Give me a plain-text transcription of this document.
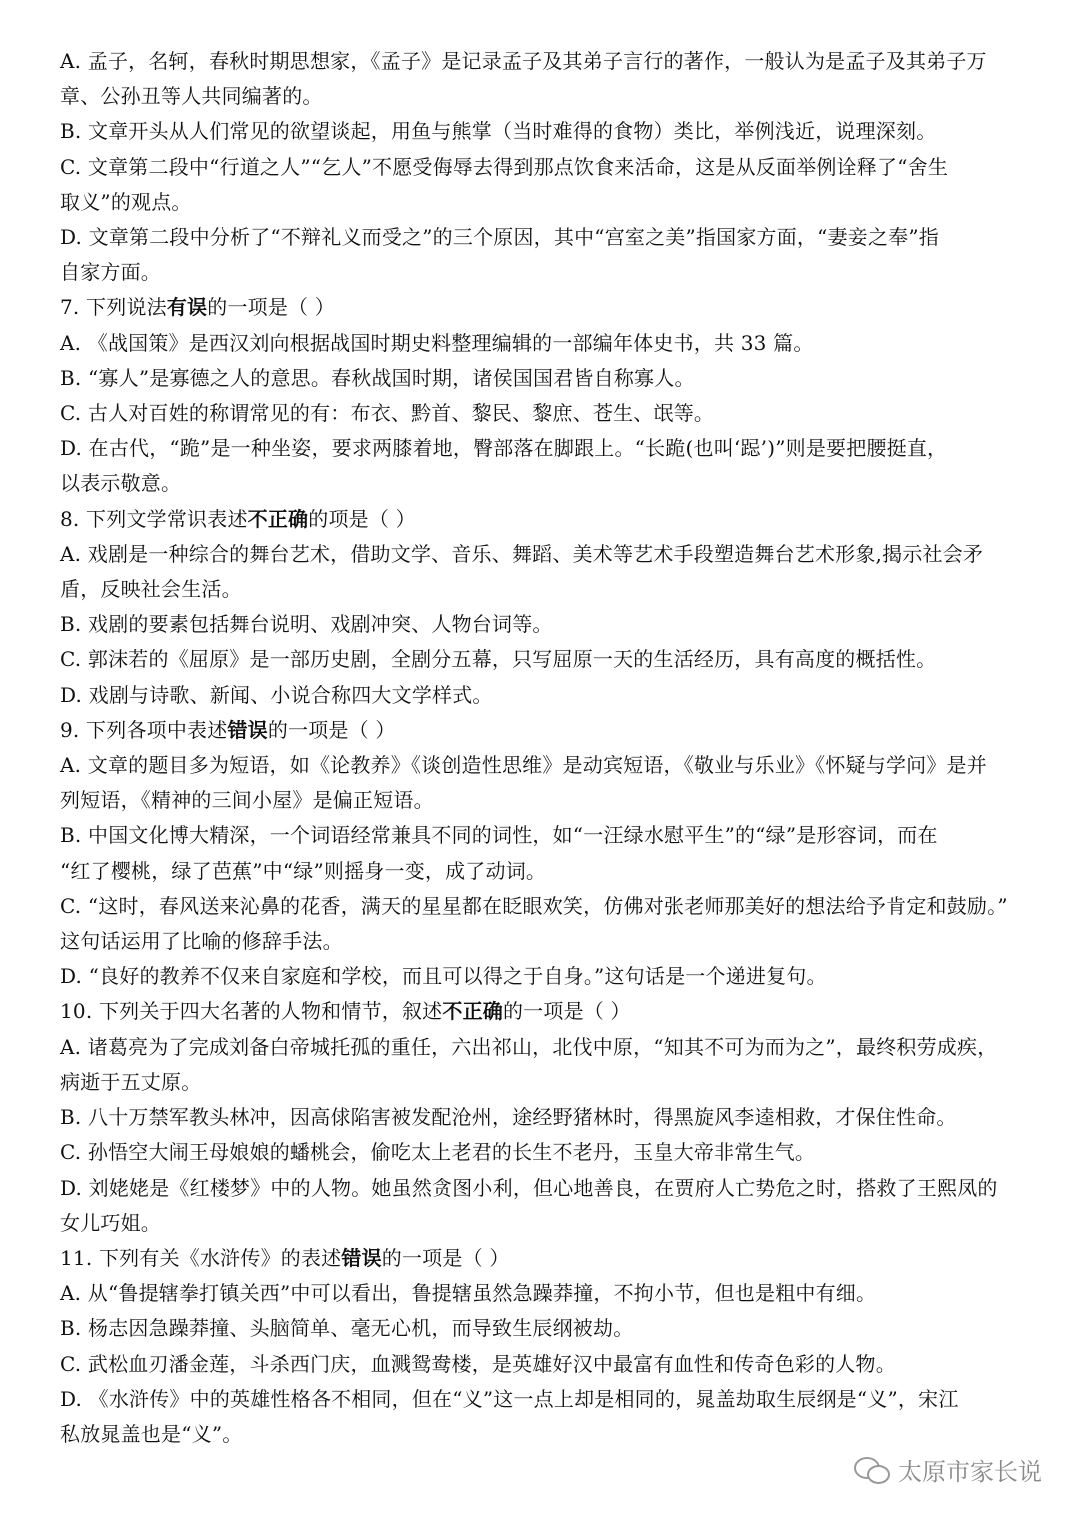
A. 孟子，名轲，春秋时期思想家，《孟子》是记录孟子及其弟子言行的著作，一般认为是孟子及其弟子万
章、公孙丑等人共同编著的。
B. 文章开头从人们常见的欲望谈起，用鱼与熊掌（当时难得的食物）类比，举例浅近，说理深刻。
C. 文章第二段中“行道之人”“乞人”不愿受侮辱去得到那点饮食来活命，这是从反面举例诠释了“舍生
取义”的观点。
D. 文章第二段中分析了“不辩礼义而受之”的三个原因，其中“宫室之美”指国家方面，“妻妾之奉”指
自家方面。
7. 下列说法有误的一项是（ ）
A. 《战国策》是西汉刘向根据战国时期史料整理编辑的一部编年体史书，共 33 篇。
B. “寡人”是寡德之人的意思。春秋战国时期，诸侯国国君皆自称寡人。
C. 古人对百姓的称谓常见的有：布衣、黔首、黎民、黎庶、苍生、氓等。
D. 在古代，“跪”是一种坐姿，要求两膝着地，臀部落在脚跟上。“长跪(也叫‘跽’)”则是要把腰挺直，
以表示敬意。
8. 下列文学常识表述不正确的项是（ ）
A. 戏剧是一种综合的舞台艺术，借助文学、音乐、舞蹈、美术等艺术手段塑造舞台艺术形象,揭示社会矛
盾，反映社会生活。
B. 戏剧的要素包括舞台说明、戏剧冲突、人物台词等。
C. 郭沫若的《屈原》是一部历史剧，全剧分五幕，只写屈原一天的生活经历，具有高度的概括性。
D. 戏剧与诗歌、新闻、小说合称四大文学样式。
9. 下列各项中表述错误的一项是（ ）
A. 文章的题目多为短语，如《论教养》《谈创造性思维》是动宾短语，《敬业与乐业》《怀疑与学问》是并
列短语，《精神的三间小屋》是偏正短语。
B. 中国文化博大精深，一个词语经常兼具不同的词性，如“一汪绿水慰平生”的“绿”是形容词，而在
“红了樱桃，绿了芭蕉”中“绿”则摇身一变，成了动词。
C. “这时，春风送来沁鼻的花香，满天的星星都在眨眼欢笑，仿佛对张老师那美好的想法给予肯定和鼓励。”
这句话运用了比喻的修辞手法。
D. “良好的教养不仅来自家庭和学校，而且可以得之于自身。”这句话是一个递进复句。
10. 下列关于四大名著的人物和情节，叙述不正确的一项是（ ）
A. 诸葛亮为了完成刘备白帝城托孤的重任，六出祁山，北伐中原，“知其不可为而为之”，最终积劳成疾，
病逝于五丈原。
B. 八十万禁军教头林冲，因高俅陷害被发配沧州，途经野猪林时，得黑旋风李逵相救，才保住性命。
C. 孙悟空大闹王母娘娘的蟠桃会，偷吃太上老君的长生不老丹，玉皇大帝非常生气。
D. 刘姥姥是《红楼梦》中的人物。她虽然贪图小利，但心地善良，在贾府人亡势危之时，搭救了王熙凤的
女儿巧姐。
11. 下列有关《水浒传》的表述错误的一项是（ ）
A. 从“鲁提辖拳打镇关西”中可以看出，鲁提辖虽然急躁莽撞，不拘小节，但也是粗中有细。
B. 杨志因急躁莽撞、头脑简单、毫无心机，而导致生辰纲被劫。
C. 武松血刃潘金莲，斗杀西门庆，血溅鸳鸯楼，是英雄好汉中最富有血性和传奇色彩的人物。
D. 《水浒传》中的英雄性格各不相同，但在“义”这一点上却是相同的，晁盖劫取生辰纲是“义”，宋江
私放晁盖也是“义”。
太原市家长说
